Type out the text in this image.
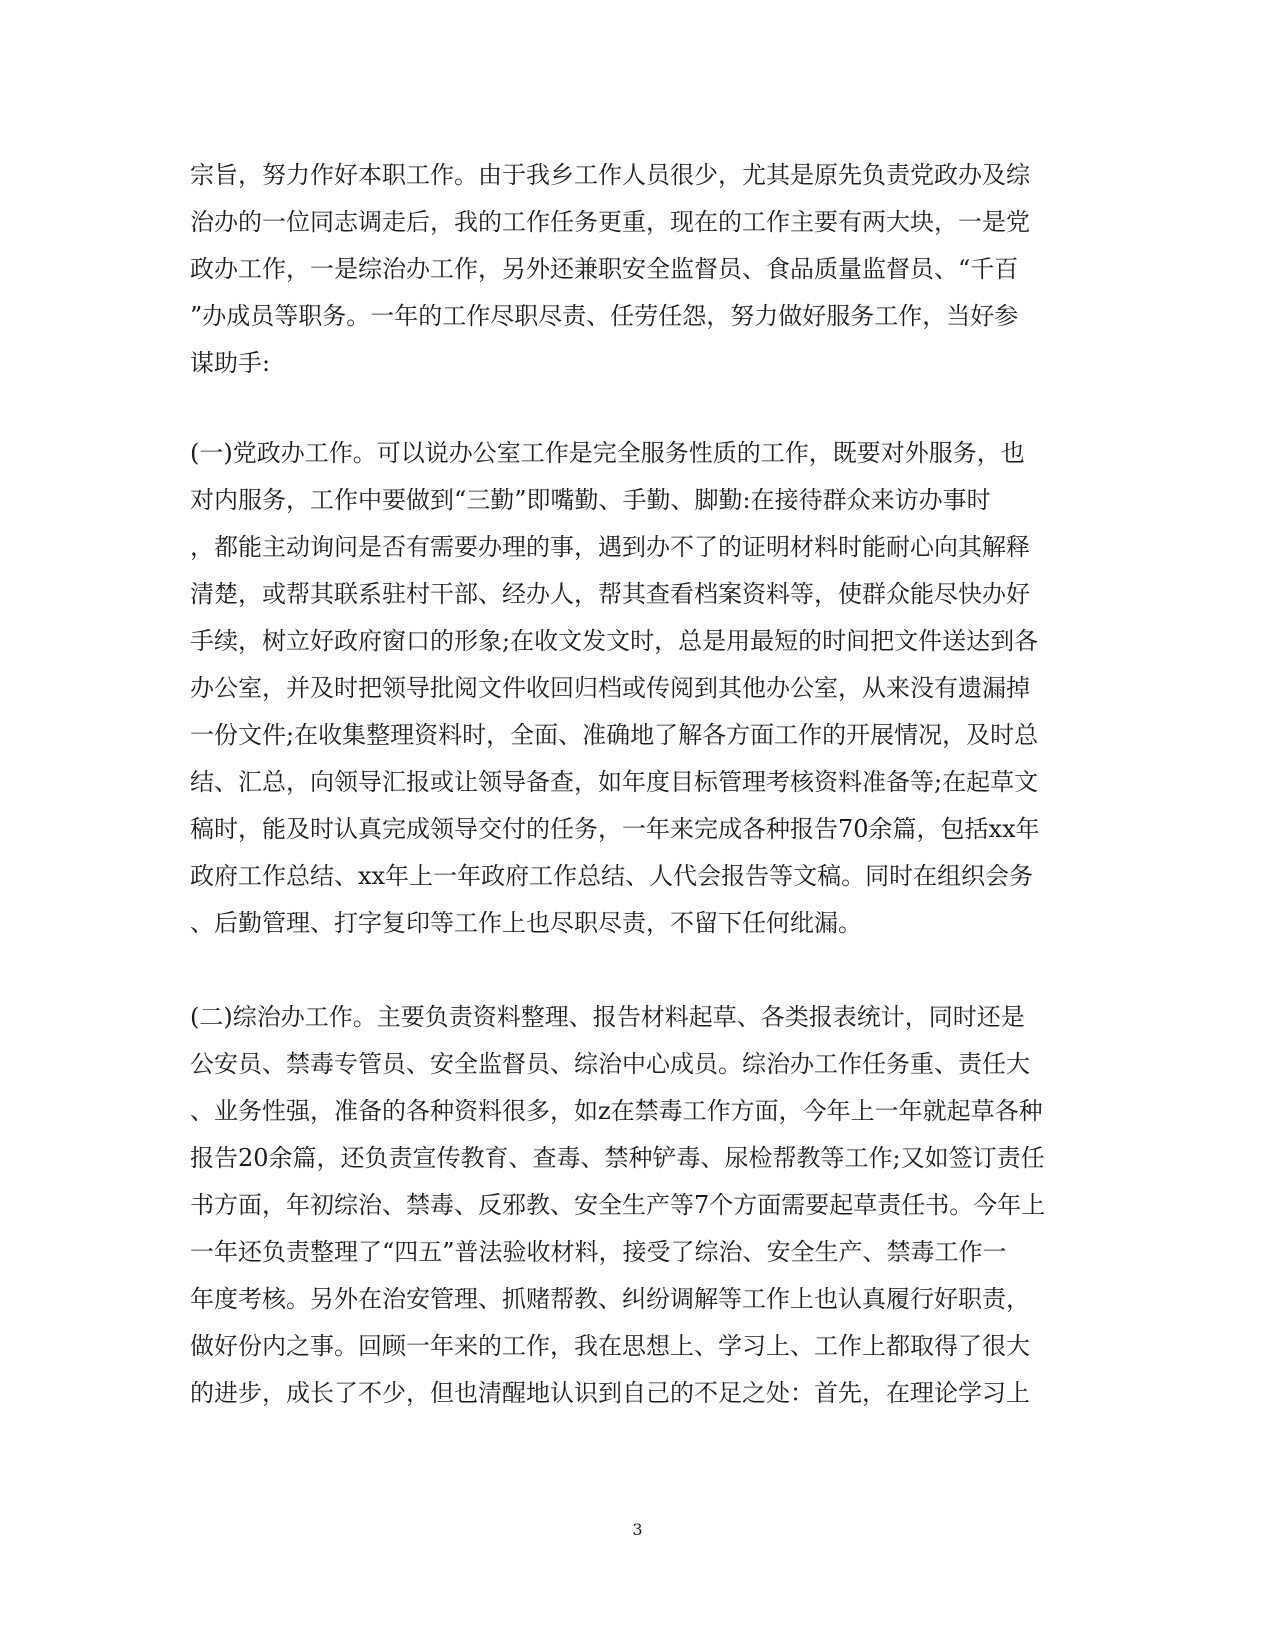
宗旨，努力作好本职工作。由于我乡工作人员很少，尤其是原先负责党政办及综
治办的一位同志调走后，我的工作任务更重，现在的工作主要有两大块，一是党
政办工作，一是综治办工作，另外还兼职安全监督员、食品质量监督员、“千百
”办成员等职务。一年的工作尽职尽责、任劳任怨，努力做好服务工作，当好参
谋助手:
(一)党政办工作。可以说办公室工作是完全服务性质的工作，既要对外服务，也
对内服务，工作中要做到“三勤”即嘴勤、手勤、脚勤:在接待群众来访办事时
，都能主动询问是否有需要办理的事，遇到办不了的证明材料时能耐心向其解释
清楚，或帮其联系驻村干部、经办人，帮其查看档案资料等，使群众能尽快办好
手续，树立好政府窗口的形象;在收文发文时，总是用最短的时间把文件送达到各
办公室，并及时把领导批阅文件收回归档或传阅到其他办公室，从来没有遗漏掉
一份文件;在收集整理资料时，全面、准确地了解各方面工作的开展情况，及时总
结、汇总，向领导汇报或让领导备查，如年度目标管理考核资料准备等;在起草文
稿时，能及时认真完成领导交付的任务，一年来完成各种报告70余篇，包括xx年
政府工作总结、xx年上一年政府工作总结、人代会报告等文稿。同时在组织会务
、后勤管理、打字复印等工作上也尽职尽责，不留下任何纰漏。
(二)综治办工作。主要负责资料整理、报告材料起草、各类报表统计，同时还是
公安员、禁毒专管员、安全监督员、综治中心成员。综治办工作任务重、责任大
、业务性强，准备的各种资料很多，如z在禁毒工作方面，今年上一年就起草各种
报告20余篇，还负责宣传教育、查毒、禁种铲毒、尿检帮教等工作;又如签订责任
书方面，年初综治、禁毒、反邪教、安全生产等7个方面需要起草责任书。今年上
一年还负责整理了“四五”普法验收材料，接受了综治、安全生产、禁毒工作一
年度考核。另外在治安管理、抓赌帮教、纠纷调解等工作上也认真履行好职责，
做好份内之事。回顾一年来的工作，我在思想上、学习上、工作上都取得了很大
的进步，成长了不少，但也清醒地认识到自己的不足之处：首先，在理论学习上
3
